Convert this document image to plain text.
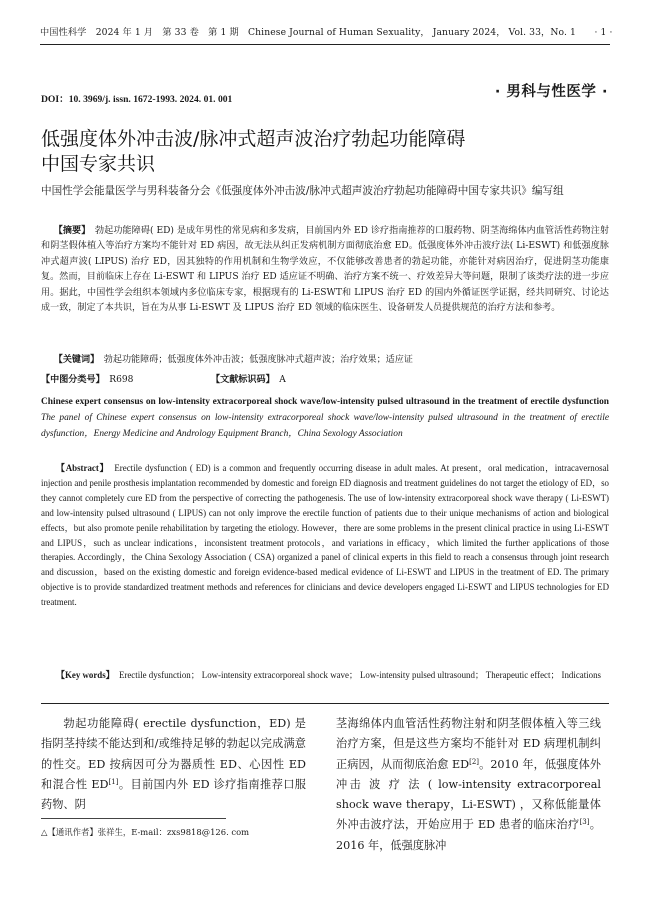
中国性科学　2024 年 1 月　第 33 卷　第 1 期　Chinese Journal of Human Sexuality， January 2024， Vol. 33，No. 1　　· 1 ·
DOI：10. 3969/j. issn. 1672-1993. 2024. 01. 001	· 男科与性医学 ·
低强度体外冲击波/脉冲式超声波治疗勃起功能障碍
中国专家共识
中国性学会能量医学与男科装备分会《低强度体外冲击波/脉冲式超声波治疗勃起功能障碍中国专家共识》编写组

【摘要】　 勃起功能障碍( ED) 是成年男性的常见病和多发病，目前国内外 ED 诊疗指南推荐的口服药物、阴茎海绵体内血管活性药物注射和阴茎假体植入等治疗方案均不能针对 ED 病因，故无法从纠正发病机制方面彻底治愈 ED。低强度体外冲击波疗法( Li-ESWT) 和低强度脉冲式超声波( LIPUS) 治疗 ED，因其独特的作用机制和生物学效应，不仅能够改善患者的勃起功能，亦能针对病因治疗，促进阴茎功能康复。然而，目前临床上存在 Li-ESWT 和 LIPUS 治疗 ED 适应证不明确、治疗方案不统一、疗效差异大等问题，限制了该类疗法的进一步应用。据此，中国性学会组织本领域内多位临床专家，根据现有的 Li-ESWT和 LIPUS 治疗 ED 的国内外循证医学证据，经共同研究、讨论达成一致，制定了本共识，旨在为从事 Li-ESWT 及 LIPUS 治疗 ED 领域的临床医生、设备研发人员提供规范的治疗方法和参考。

【关键词】　 勃起功能障碍；低强度体外冲击波；低强度脉冲式超声波；治疗效果；适应证
【中图分类号】　 R698	【文献标识码】　 A
Chinese expert consensus on low-intensity extracorporeal shock wave/low-intensity pulsed ultrasound in the treatment of erectile dysfunction　The panel of Chinese expert consensus on low-intensity extracorporeal shock wave/low-intensity pulsed ultrasound in the treatment of erectile dysfunction，Energy Medicine and Andrology Equipment Branch，China Sexology Association

【Abstract】　 Erectile dysfunction ( ED) is a common and frequently occurring disease in adult males. At present，oral medication，intracavernosal injection and penile prosthesis implantation recommended by domestic and foreign ED diagnosis and treatment guidelines do not target the etiology of ED，so they cannot completely cure ED from the perspective of correcting the pathogenesis. The use of low-intensity extracorporeal shock wave therapy ( Li-ESWT) and low-intensity pulsed ultrasound ( LIPUS) can not only improve the erectile function of patients due to their unique mechanisms of action and biological effects，but also promote penile rehabilitation by targeting the etiology. However，there are some problems in the present clinical practice in using Li-ESWT and LIPUS，such as unclear indications，inconsistent treatment protocols，and variations in efficacy，which limited the further applications of those therapies. Accordingly，the China Sexology Association ( CSA) organized a panel of clinical experts in this field to reach a consensus through joint research and discussion，based on the existing domestic and foreign evidence-based medical evidence of Li-ESWT and LIPUS in the treatment of ED. The primary objective is to provide standardized treatment methods and references for clinicians and device developers engaged Li-ESWT and LIPUS technologies for ED treatment.

【Key words】　 Erectile dysfunction； Low-intensity extracorporeal shock wave； Low-intensity pulsed ultrasound； Therapeutic effect； Indications

勃起功能障碍( erectile dysfunction，ED) 是指阴茎持续不能达到和/或维持足够的勃起以完成满意的性交。ED 按病因可分为器质性 ED、心因性 ED 和混合性 ED[1]。目前国内外 ED 诊疗指南推荐口服药物、阴

△【通讯作者】张祥生，E-mail：zxs9818@126. com

茎海绵体内血管活性药物注射和阴茎假体植入等三线治疗方案，但是这些方案均不能针对 ED 病理机制纠正病因，从而彻底治愈 ED[2]。2010 年，低强度体外冲击 波 疗 法 ( low-intensity extracorporeal shock wave therapy，Li-ESWT) ，又称低能量体外冲击波疗法，开始应用于 ED 患者的临床治疗[3]。2016 年，低强度脉冲
